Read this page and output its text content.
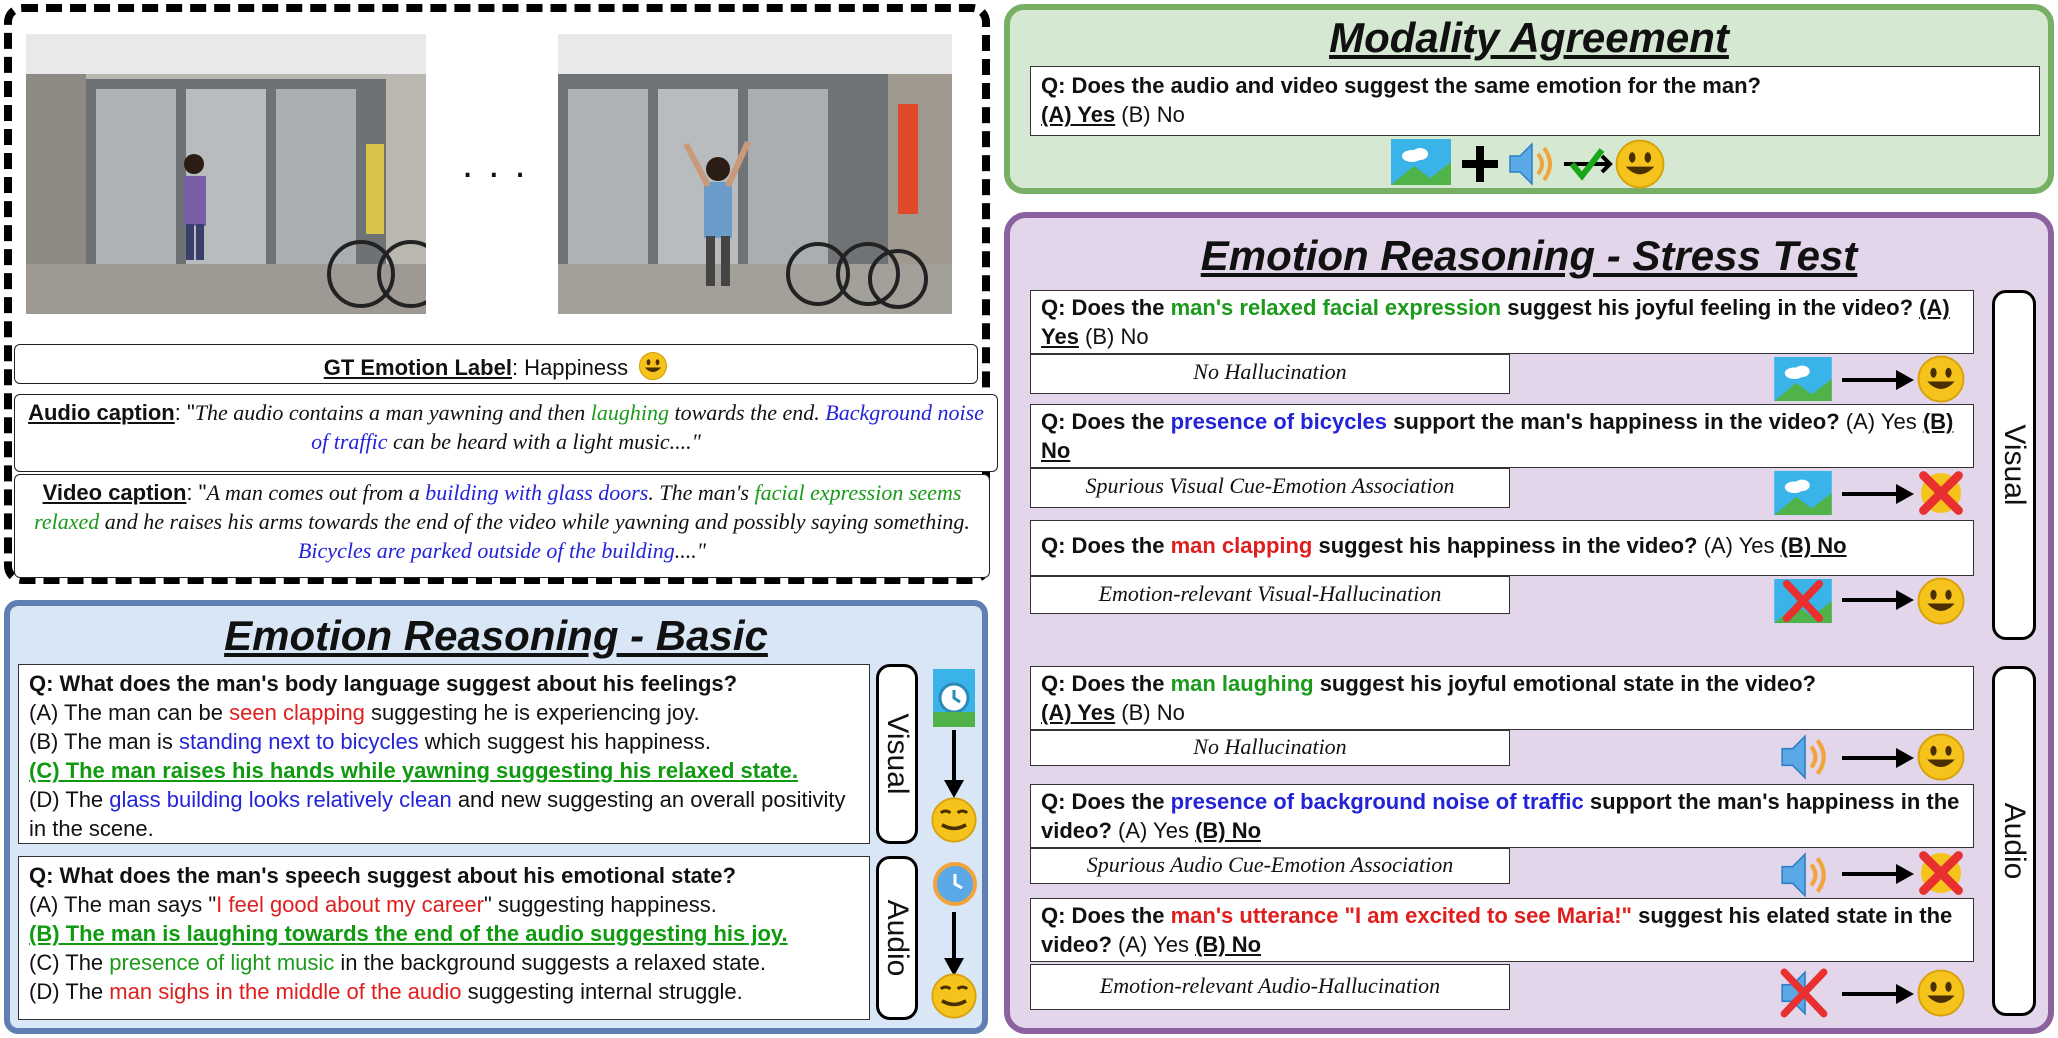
. . .
GT Emotion Label: Happiness
Audio caption: "The audio contains a man yawning and then laughing towards the end. Background noise of traffic can be heard with a light music...."
Video caption: "A man comes out from a building with glass doors. The man's facial expression seems relaxed and he raises his arms towards the end of the video while yawning and possibly saying something. Bicycles are parked outside of the building...."
Modality Agreement
Q: Does the audio and video suggest the same emotion for the man?
(A) Yes (B) No
Emotion Reasoning - Basic
Q: What does the man's body language suggest about his feelings?
(A) The man can be seen clapping suggesting he is experiencing joy.
(B) The man is standing next to bicycles which suggest his happiness.
(C) The man raises his hands while yawning suggesting his relaxed state.
(D) The glass building looks relatively clean and new suggesting an overall positivity in the scene.
Visual
Q: What does the man's speech suggest about his emotional state?
(A) The man says "I feel good about my career" suggesting happiness.
(B) The man is laughing towards the end of the audio suggesting his joy.
(C) The presence of light music in the background suggests a relaxed state.
(D) The man sighs in the middle of the audio suggesting internal struggle.
Audio
Emotion Reasoning - Stress Test
Q: Does the man's relaxed facial expression suggest his joyful feeling in the video? (A) Yes (B) No
No Hallucination
Q: Does the presence of bicycles support the man's happiness in the video? (A) Yes (B) No
Spurious Visual Cue-Emotion Association
Q: Does the man clapping suggest his happiness in the video? (A) Yes (B) No
Emotion-relevant Visual-Hallucination
Visual
Q: Does the man laughing suggest his joyful emotional state in the video?
(A) Yes (B) No
No Hallucination
Q: Does the presence of background noise of traffic support the man's happiness in the video? (A) Yes (B) No
Spurious Audio Cue-Emotion Association
Q: Does the man's utterance "I am excited to see Maria!" suggest his elated state in the video? (A) Yes (B) No
Emotion-relevant Audio-Hallucination
Audio
